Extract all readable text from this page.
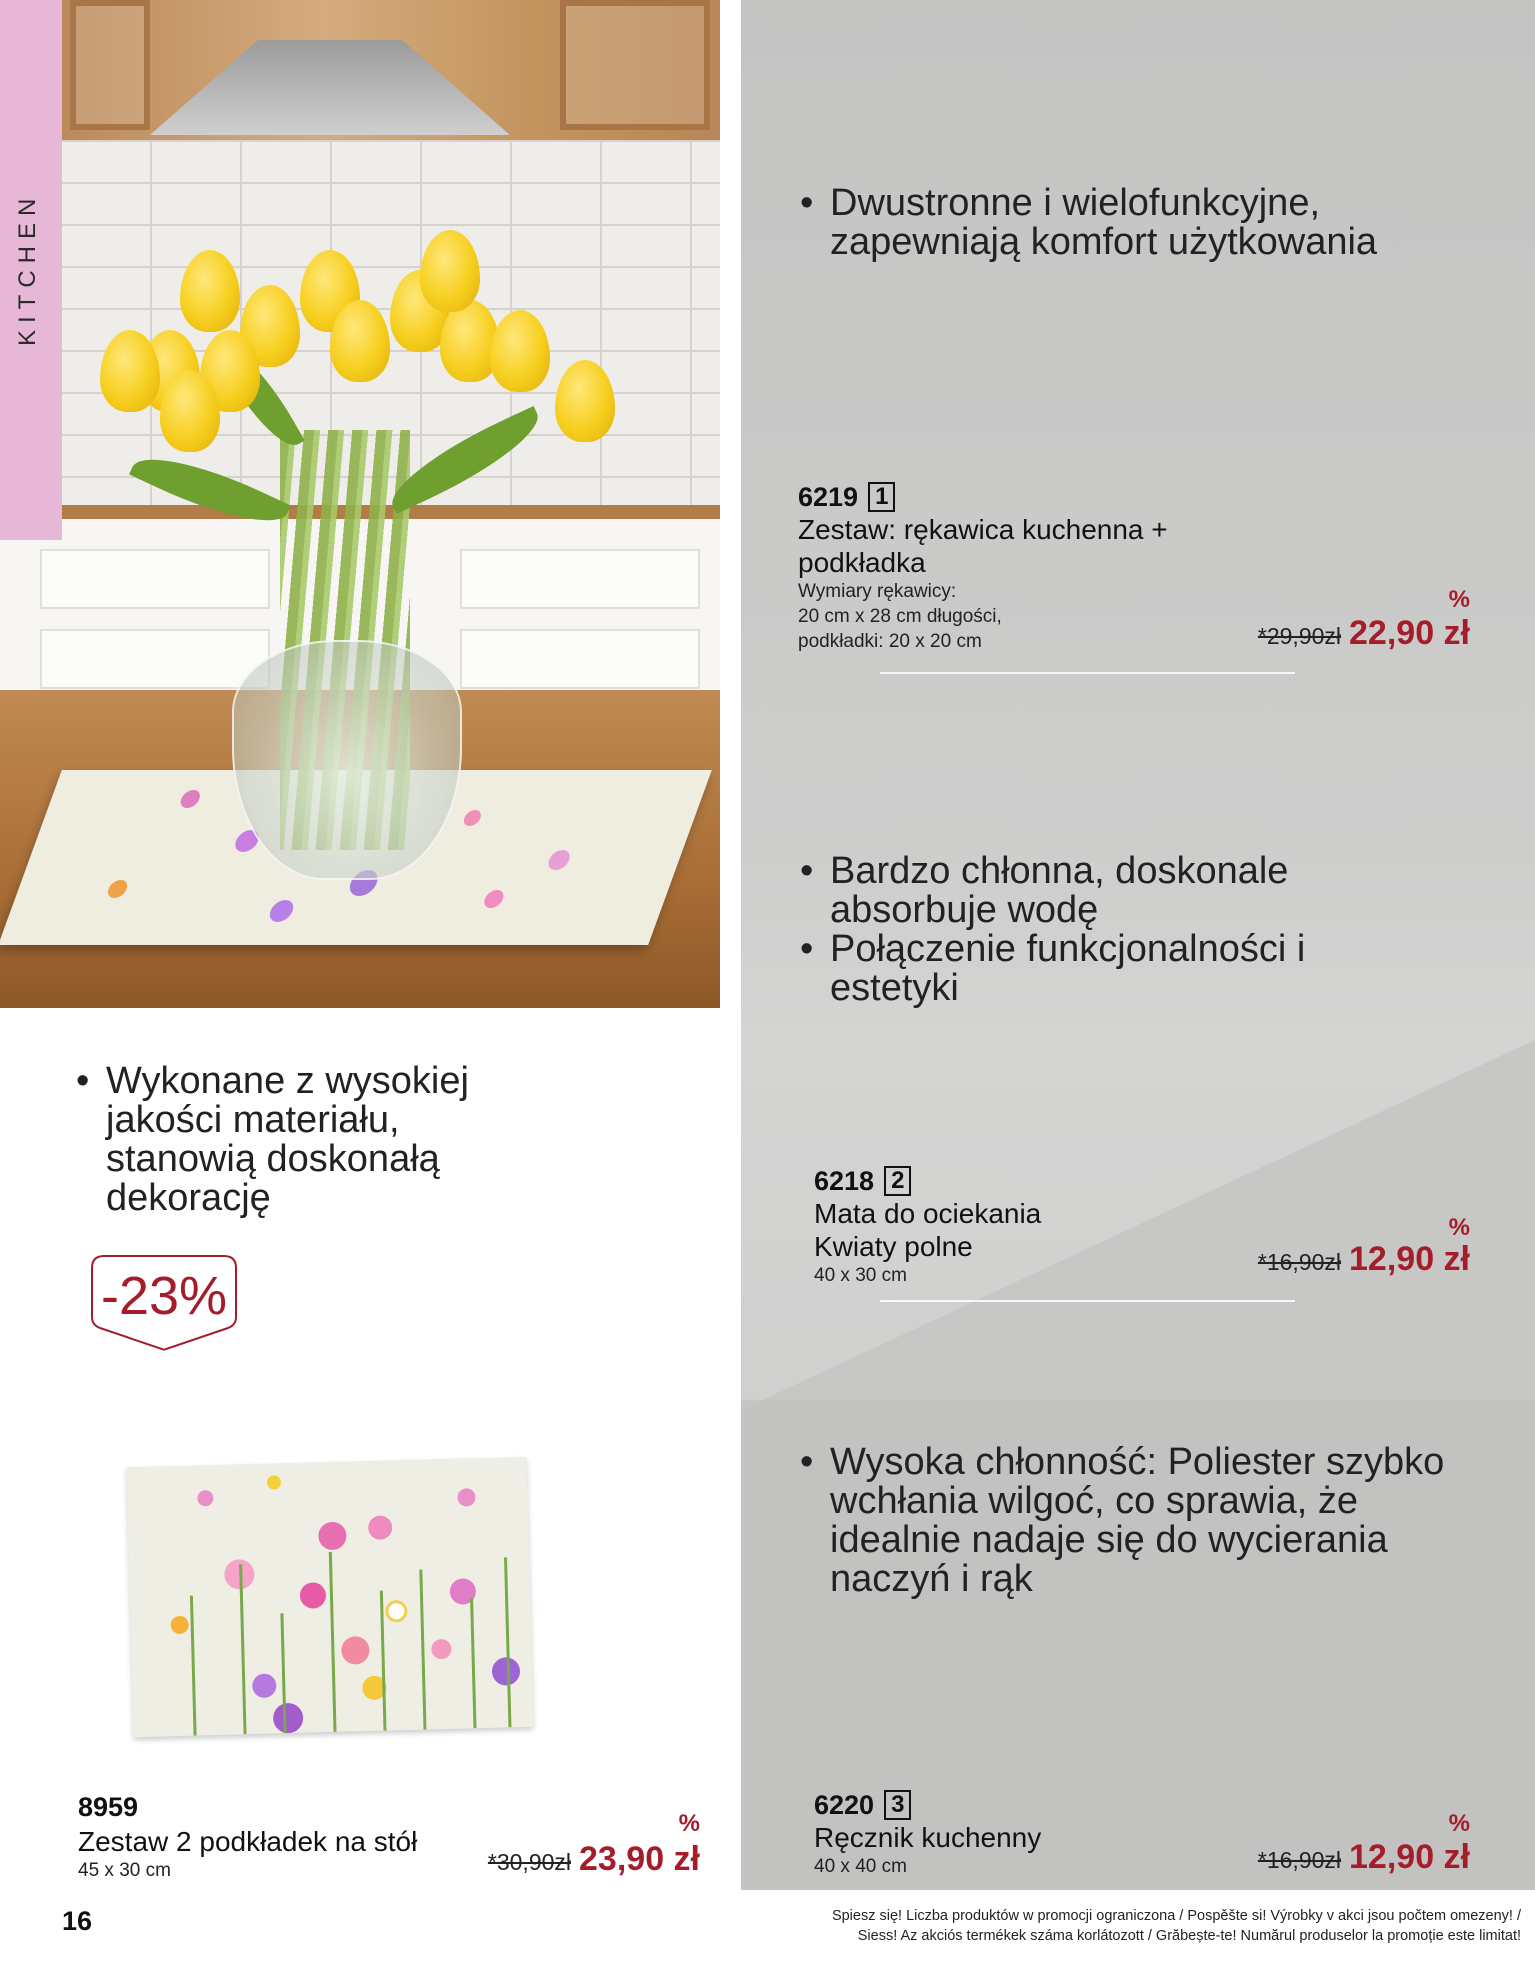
KITCHEN
• Wykonane z wysokiej jakości materiału, stanowią doskonałą dekorację
-23%
8959
Zestaw 2 podkładek na stół
45 x 30 cm
%
*30,90zł 23,90 zł
• Dwustronne i wielofunkcyjne, zapewniają komfort użytkowania
6219 1
Zestaw: rękawica kuchenna +
podkładka
Wymiary rękawicy:
20 cm x 28 cm długości,
podkładki: 20 x 20 cm
%
*29,90zł 22,90 zł
• Bardzo chłonna, doskonale absorbuje wodę
• Połączenie funkcjonalności i estetyki
6218 2
Mata do ociekania
Kwiaty polne
40 x 30 cm
%
*16,90zł 12,90 zł
• Wysoka chłonność: Poliester szybko wchłania wilgoć, co sprawia, że idealnie nadaje się do wycierania naczyń i rąk
6220 3
Ręcznik kuchenny
40 x 40 cm
%
*16,90zł 12,90 zł
16	Spiesz się! Liczba produktów w promocji ograniczona / Pospěšte si! Výrobky v akci jsou počtem omezeny! /
Siess! Az akciós termékek száma korlátozott / Grăbește-te! Numărul produselor la promoție este limitat!
